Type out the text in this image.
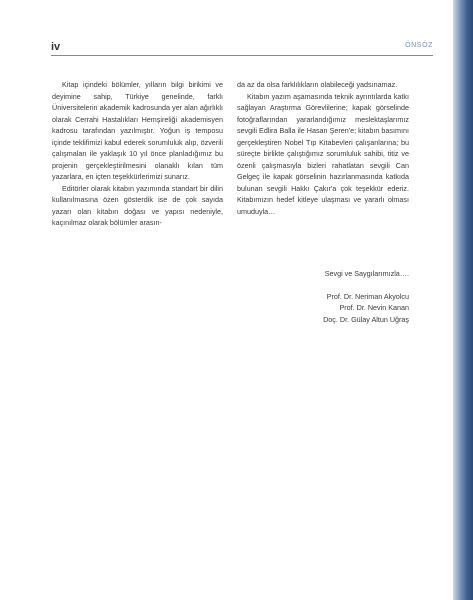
iv	ÖNSÖZ

Kitap içindeki bölümler, yılların bilgi birikimi ve deyimine sahip, Türkiye genelinde, farklı Üniversitelerin akademik kadrosunda yer alan ağırlıklı olarak Cerrahi Hastalıkları Hemşireliği akademisyen kadrosu tarafından yazılmıştır. Yoğun iş temposu içinde teklifimizi kabul ederek sorumluluk alıp, özverili çalışmaları ile yaklaşık 10 yıl önce planladığımız bu projenin gerçekleştirilmesini olanaklı kılan tüm yazarlara, en içten teşekkürlerimizi sunarız.

Editörler olarak kitabın yazımında standart bir dilin kullanılmasına özen gösterdik ise de çok sayıda yazarı olan kitabın doğası ve yapısı nedeniyle, kaçınılmaz olarak bölümler arasın-

da az da olsa farklılıkların olabileceği yadsınamaz.

Kitabın yazım aşamasında teknik ayrıntılarda katkı sağlayan Araştırma Görevlilerine; kapak görselinde fotoğraflarından yararlandığımız meslektaşlarımız sevgili Edlira Balla ile Hasan Şeren'e; kitabın basımını gerçekleştiren Nobel Tıp Kitabevleri çalışanlarına; bu süreçte birlikte çalıştığımız sorumluluk sahibi, titiz ve özenli çalışmasıyla bizleri rahatlatan sevgili Can Gelgeç ile kapak görselinin hazırlanmasında katkıda bulunan sevgili Hakkı Çakır'a çok teşekkür ederiz. Kitabımızın hedef kitleye ulaşması ve yararlı olması umuduyla…

Sevgi ve Saygılarımızla….
Prof. Dr. Neriman Akyolcu
Prof. Dr. Nevin Kanan
Doç. Dr. Gülay Altun Uğraş
